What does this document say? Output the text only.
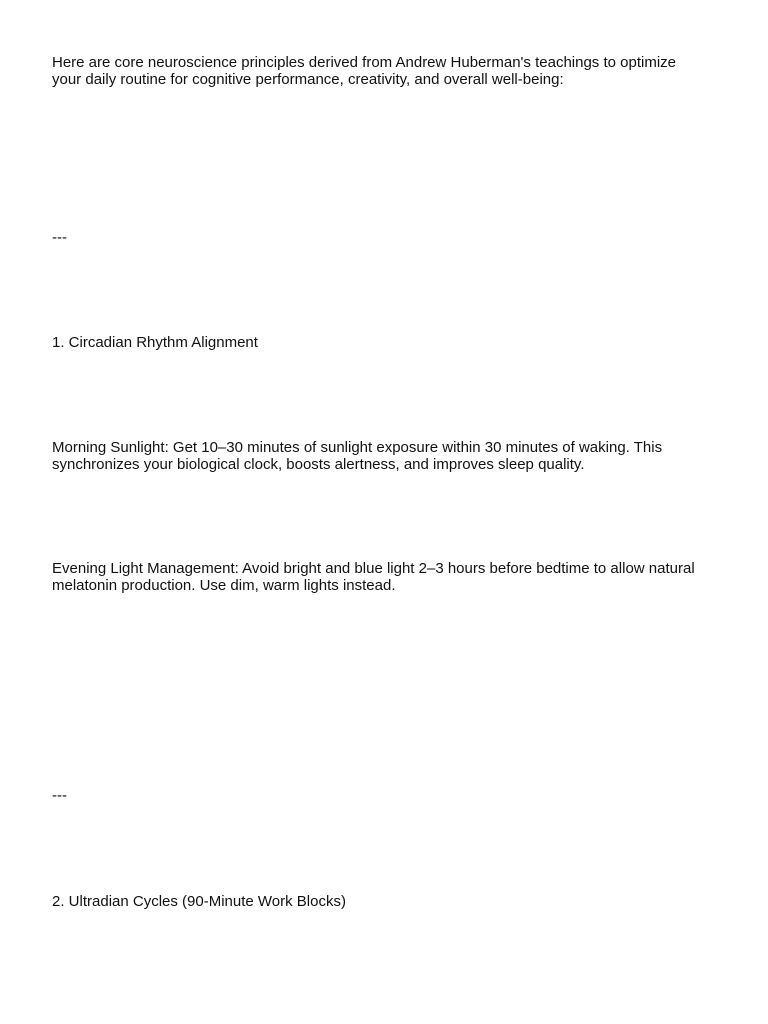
Here are core neuroscience principles derived from Andrew Huberman's teachings to optimize
your daily routine for cognitive performance, creativity, and overall well-being:

---

1. Circadian Rhythm Alignment

Morning Sunlight: Get 10–30 minutes of sunlight exposure within 30 minutes of waking. This
synchronizes your biological clock, boosts alertness, and improves sleep quality.

Evening Light Management: Avoid bright and blue light 2–3 hours before bedtime to allow natural
melatonin production. Use dim, warm lights instead.

---

2. Ultradian Cycles (90-Minute Work Blocks)
